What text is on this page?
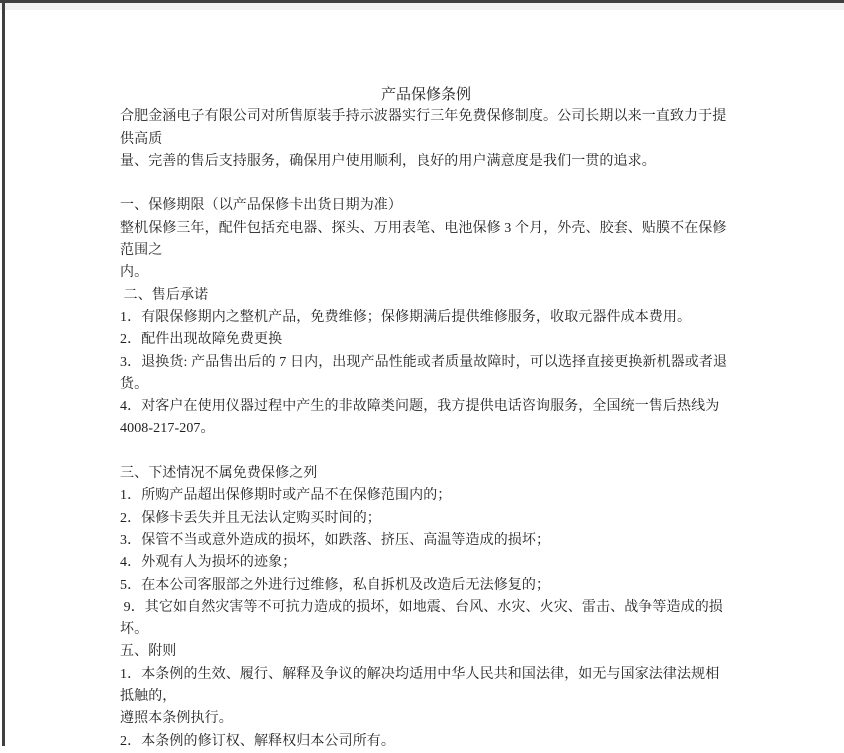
产品保修条例
合肥金涵电子有限公司对所售原装手持示波器实行三年免费保修制度。公司长期以来一直致力于提供高质
量、完善的售后支持服务，确保用户使用顺利，良好的用户满意度是我们一贯的追求。

一、保修期限（以产品保修卡出货日期为准）
整机保修三年，配件包括充电器、探头、万用表笔、电池保修 3 个月，外壳、胶套、贴膜不在保修范围之
内。
二、售后承诺
1．有限保修期内之整机产品，免费维修；保修期满后提供维修服务，收取元器件成本费用。
2．配件出现故障免费更换
3．退换货: 产品售出后的 7 日内，出现产品性能或者质量故障时，可以选择直接更换新机器或者退货。
4．对客户在使用仪器过程中产生的非故障类问题，我方提供电话咨询服务，全国统一售后热线为
4008-217-207。

三、下述情况不属免费保修之列
1．所购产品超出保修期时或产品不在保修范围内的；
2．保修卡丢失并且无法认定购买时间的；
3．保管不当或意外造成的损坏，如跌落、挤压、高温等造成的损坏；
4．外观有人为损坏的迹象；
5．在本公司客服部之外进行过维修，私自拆机及改造后无法修复的；
9．其它如自然灾害等不可抗力造成的损坏，如地震、台风、水灾、火灾、雷击、战争等造成的损坏。
五、附则
1．本条例的生效、履行、解释及争议的解决均适用中华人民共和国法律，如无与国家法律法规相抵触的，
遵照本条例执行。
2．本条例的修订权、解释权归本公司所有。
